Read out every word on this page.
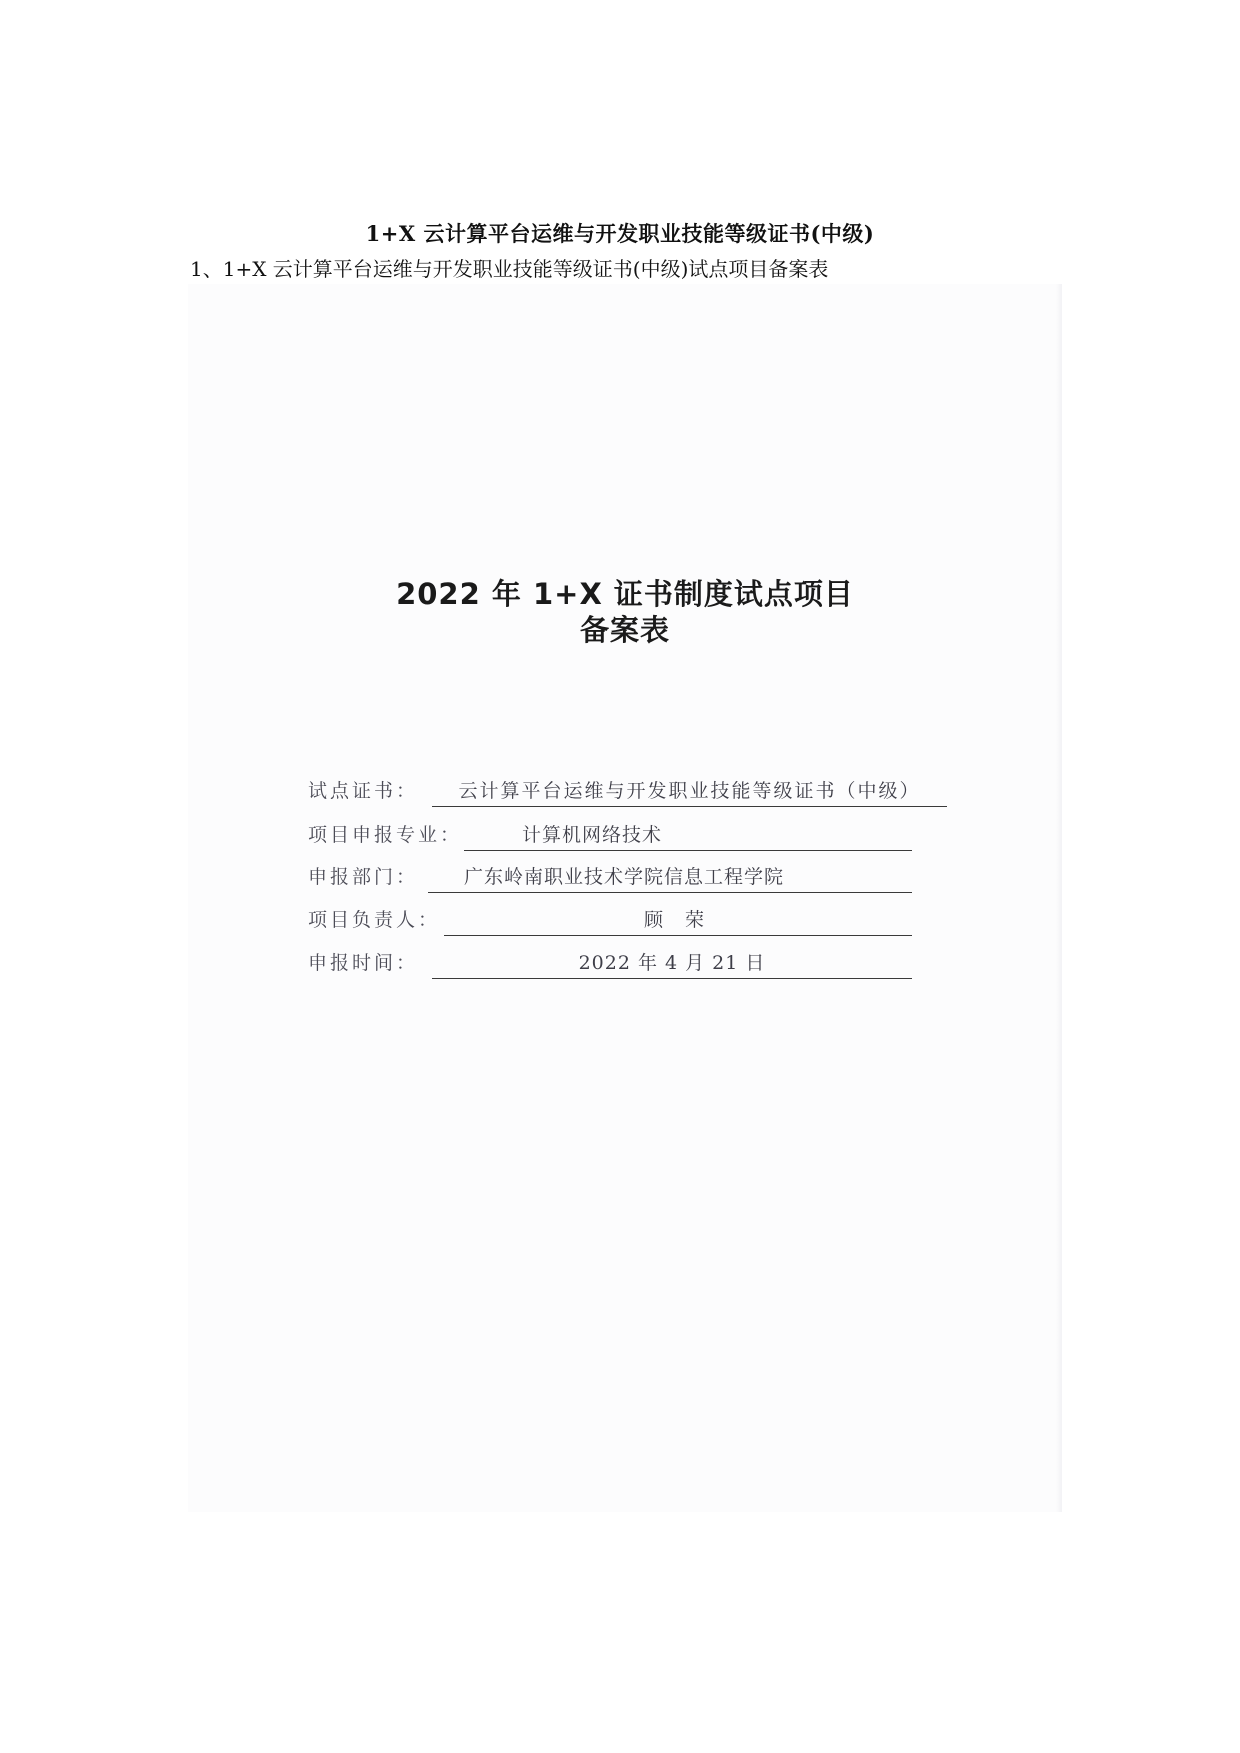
1+X 云计算平台运维与开发职业技能等级证书(中级)
1、1+X 云计算平台运维与开发职业技能等级证书(中级)试点项目备案表
2022 年 1+X 证书制度试点项目
备案表
试点证书：	云计算平台运维与开发职业技能等级证书（中级）
项目申报专业：	计算机网络技术
申报部门：	广东岭南职业技术学院信息工程学院
项目负责人：	顾 荣
申报时间：	2022 年 4 月 21 日
